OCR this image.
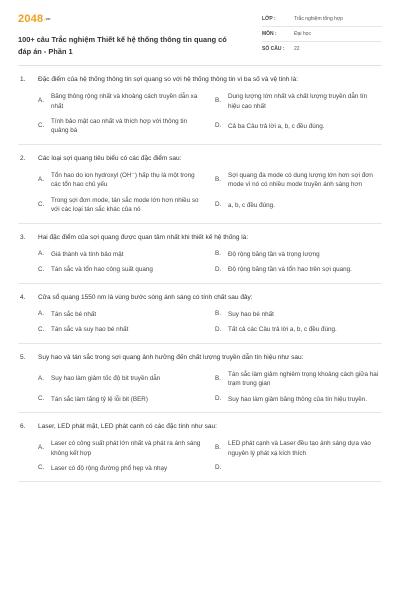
2048.vn
100+ câu Trắc nghiệm Thiết kế hệ thống thông tin quang có đáp án - Phần 1
LỚP :	Trắc nghiệm tổng hợp
MÔN :	Đại học
SỐ CÂU :	22
1.	Đặc điểm của hệ thống thông tin sợi quang so với hệ thống thông tin vi ba số và vệ tinh là:
A.
Băng thông rộng nhất và khoảng cách truyền dẫn xa nhất
B.
Dung lượng lớn nhất và chất lượng truyền dẫn tín hiệu cao nhất
C.
Tính bảo mật cao nhất và thích hợp với thông tin quảng bá
D.	Cả ba Câu trả lời a, b, c đều đúng.
2.	Các loại sợi quang tiêu biểu có các đặc điểm sau:
A.
Tổn hao do ion hydroxyl (OH⁻) hấp thụ là một trong các tổn hao chủ yếu
B.
Sợi quang đa mode có dung lượng lớn hơn sợi đơn mode vì nó có nhiều mode truyền ánh sáng hơn
C.
Trong sợi đơn mode, tán sắc mode lớn hơn nhiều so với các loại tán sắc khác của nó
D.	a, b, c đều đúng.
3.	Hai đặc điểm của sợi quang được quan tâm nhất khi thiết kế hệ thống là:
A.	Giá thành và tính bảo mật	B.	Độ rộng băng tần và trọng lượng
C.	Tán sắc và tổn hao công suất quang	D.	Độ rộng băng tần và tổn hao trên sợi quang.
4.	Cửa sổ quang 1550 nm là vùng bước sóng ánh sáng có tính chất sau đây:
A.	Tán sắc bé nhất	B.	Suy hao bé nhất
C.	Tán sắc và suy hao bé nhất	D.	Tất cả các Câu trả lời a, b, c đều đúng.
5.	Suy hao và tán sắc trong sợi quang ảnh hưởng đến chất lượng truyền dẫn tín hiệu như sau:
A.	Suy hao làm giảm tốc độ bit truyền dẫn	B.
Tán sắc làm giảm nghiêm trọng khoảng cách giữa hai trạm trung gian
C.	Tán sắc làm tăng tỷ lệ lỗi bit (BER)	D.	Suy hao làm giảm băng thông của tín hiệu truyền.
6.	Laser, LED phát mặt, LED phát cạnh có các đặc tính như sau:
A.
Laser có công suất phát lớn nhất và phát ra ánh sáng không kết hợp
B.
LED phát cạnh và Laser đều tạo ánh sáng dựa vào nguyên lý phát xạ kích thích
C.	Laser có độ rộng đường phổ hẹp và nhạy	D.
